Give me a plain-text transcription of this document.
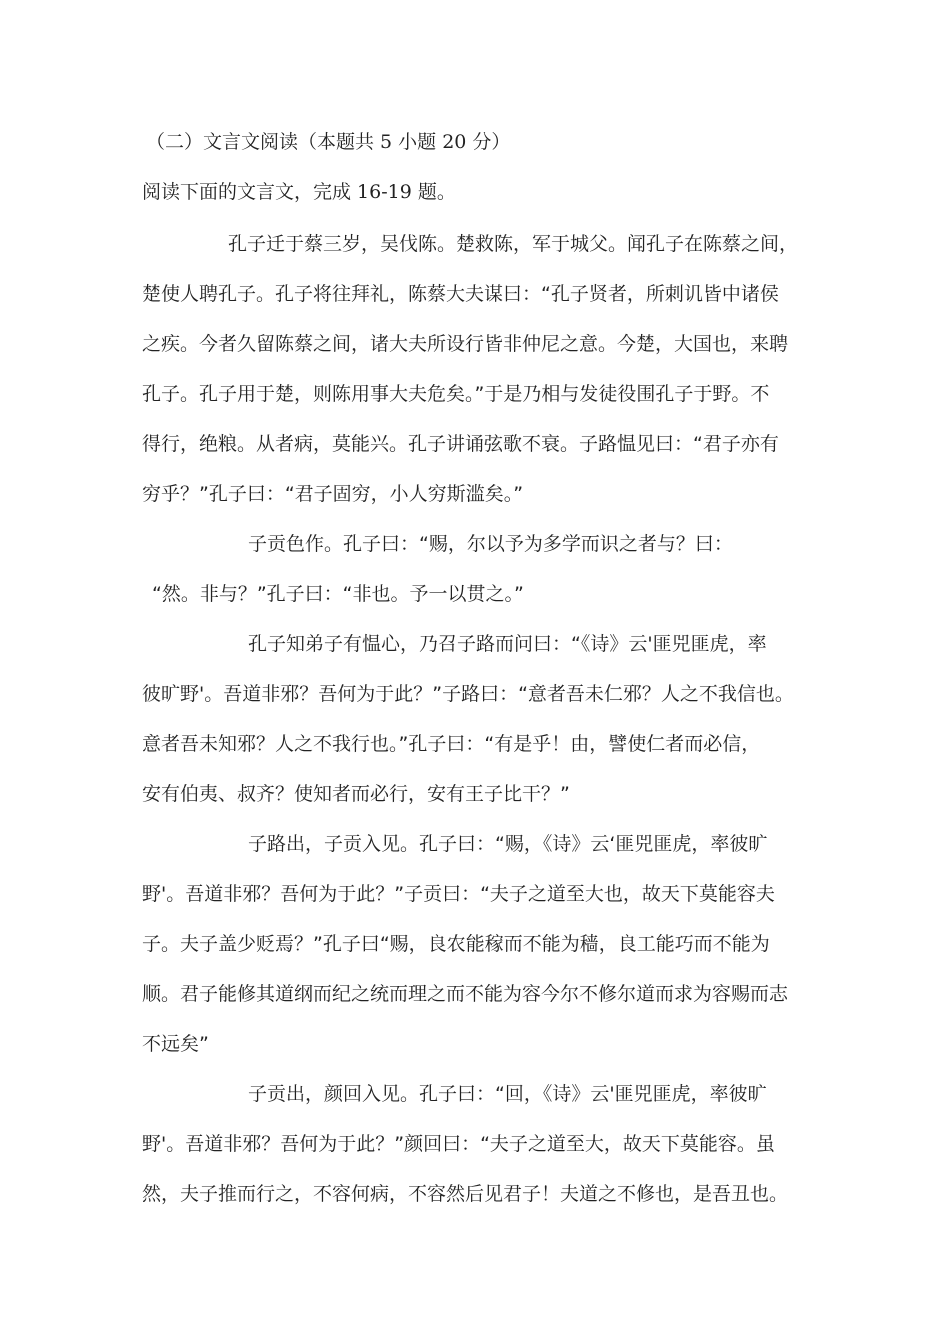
（二）文言文阅读（本题共 5 小题 20 分）
阅读下面的文言文，完成 16-19 题。
孔子迁于蔡三岁，吴伐陈。楚救陈，军于城父。闻孔子在陈蔡之间，
楚使人聘孔子。孔子将往拜礼，陈蔡大夫谋曰：“孔子贤者，所刺讥皆中诸侯
之疾。今者久留陈蔡之间，诸大夫所设行皆非仲尼之意。今楚，大国也，来聘
孔子。孔子用于楚，则陈用事大夫危矣。”于是乃相与发徒役围孔子于野。不
得行，绝粮。从者病，莫能兴。孔子讲诵弦歌不衰。子路愠见曰：“君子亦有
穷乎？”孔子曰：“君子固穷，小人穷斯滥矣。”
子贡色作。孔子曰：“赐，尔以予为多学而识之者与？曰：
“然。非与？”孔子曰：“非也。予一以贯之。”
孔子知弟子有愠心，乃召子路而问曰：“《诗》云'匪兕匪虎，率
彼旷野'。吾道非邪？吾何为于此？”子路曰：“意者吾未仁邪？人之不我信也。
意者吾未知邪？人之不我行也。”孔子曰：“有是乎！由，譬使仁者而必信，
安有伯夷、叔齐？使知者而必行，安有王子比干？”
子路出，子贡入见。孔子曰：“赐，《诗》云‘匪兕匪虎，率彼旷
野'。吾道非邪？吾何为于此？”子贡曰：“夫子之道至大也，故天下莫能容夫
子。夫子盖少贬焉？”孔子曰“赐，良农能稼而不能为穑，良工能巧而不能为
顺。君子能修其道纲而纪之统而理之而不能为容今尔不修尔道而求为容赐而志
不远矣”
子贡出，颜回入见。孔子曰：“回，《诗》云'匪兕匪虎，率彼旷
野'。吾道非邪？吾何为于此？”颜回曰：“夫子之道至大，故天下莫能容。虽
然，夫子推而行之，不容何病，不容然后见君子！夫道之不修也，是吾丑也。
